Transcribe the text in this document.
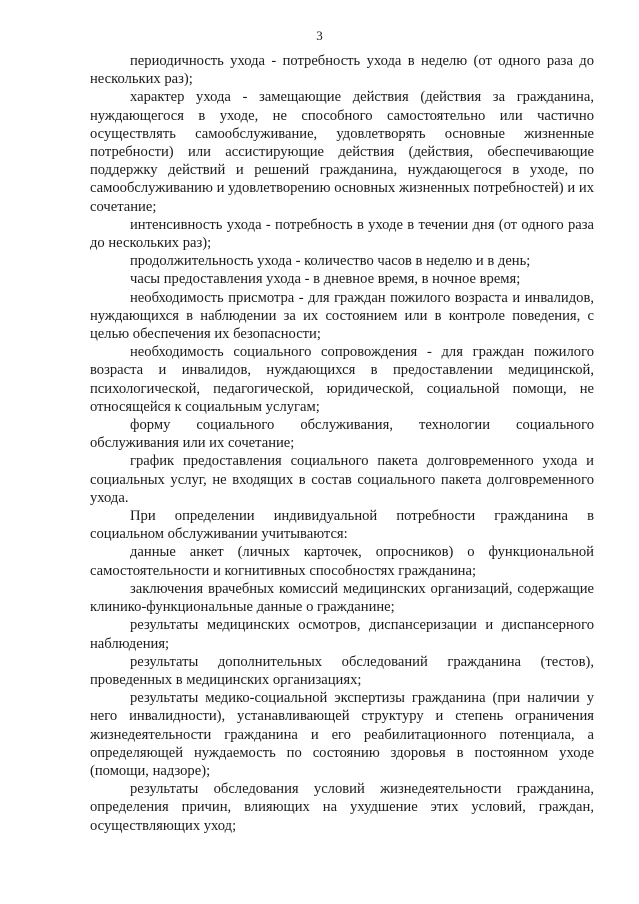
3

периодичность ухода - потребность ухода в неделю (от одного раза до нескольких раз);

характер ухода - замещающие действия (действия за гражданина, нуждающегося в уходе, не способного самостоятельно или частично осуществлять самообслуживание, удовлетворять основные жизненные потребности) или ассистирующие действия (действия, обеспечивающие поддержку действий и решений гражданина, нуждающегося в уходе, по самообслуживанию и удовлетворению основных жизненных потребностей) и их сочетание;

интенсивность ухода - потребность в уходе в течении дня (от одного раза до нескольких раз);

продолжительность ухода - количество часов в неделю и в день;

часы предоставления ухода - в дневное время, в ночное время;

необходимость присмотра - для граждан пожилого возраста и инвалидов, нуждающихся в наблюдении за их состоянием или в контроле поведения, с целью обеспечения их безопасности;

необходимость социального сопровождения - для граждан пожилого возраста и инвалидов, нуждающихся в предоставлении медицинской, психологической, педагогической, юридической, социальной помощи, не относящейся к социальным услугам;

форму социального обслуживания, технологии социального обслуживания или их сочетание;

график предоставления социального пакета долговременного ухода и социальных услуг, не входящих в состав социального пакета долговременного ухода.

При определении индивидуальной потребности гражданина в социальном обслуживании учитываются:

данные анкет (личных карточек, опросников) о функциональной самостоятельности и когнитивных способностях гражданина;

заключения врачебных комиссий медицинских организаций, содержащие клинико-функциональные данные о гражданине;

результаты медицинских осмотров, диспансеризации и диспансерного наблюдения;

результаты дополнительных обследований гражданина (тестов), проведенных в медицинских организациях;

результаты медико-социальной экспертизы гражданина (при наличии у него инвалидности), устанавливающей структуру и степень ограничения жизнедеятельности гражданина и его реабилитационного потенциала, а определяющей нуждаемость по состоянию здоровья в постоянном уходе (помощи, надзоре);

результаты обследования условий жизнедеятельности гражданина, определения причин, влияющих на ухудшение этих условий, граждан, осуществляющих уход;
